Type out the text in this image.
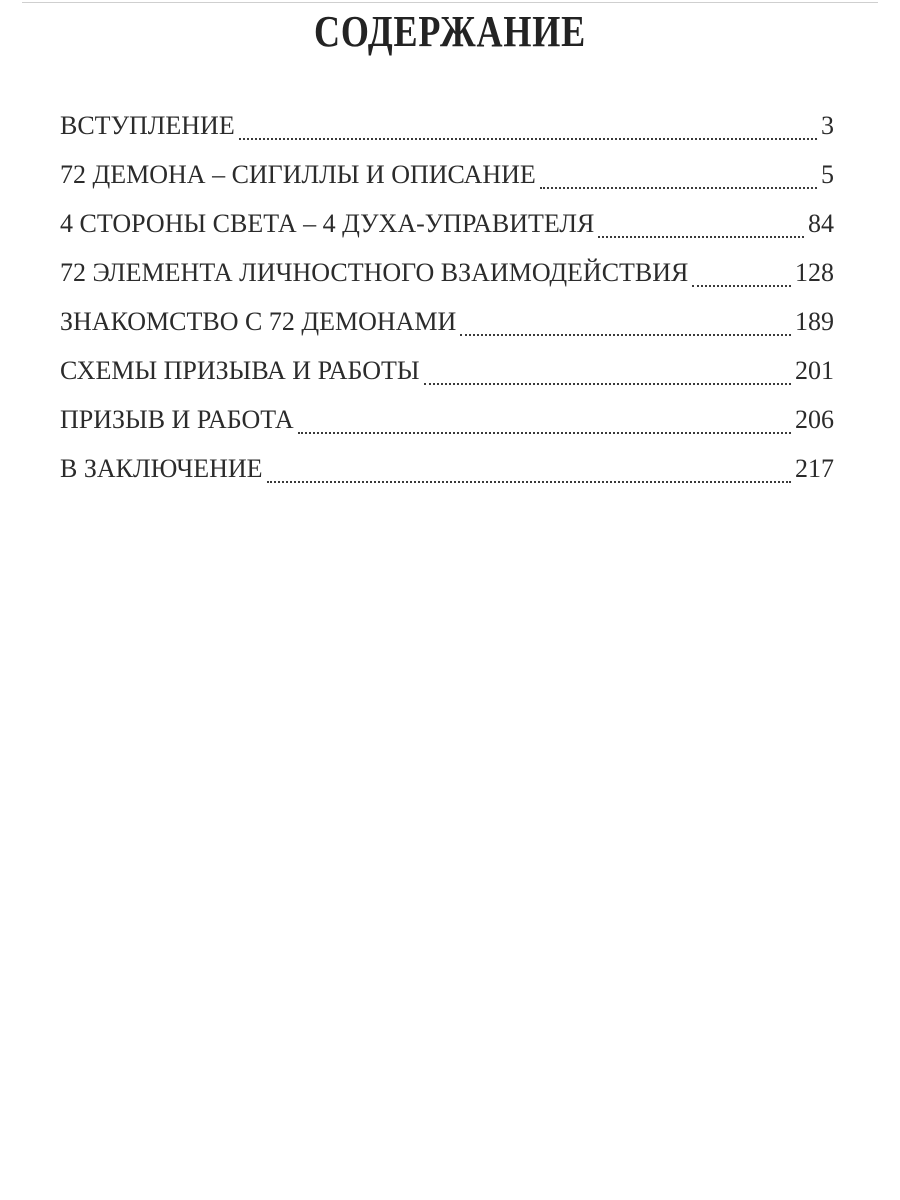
СОДЕРЖАНИЕ
ВСТУПЛЕНИЕ	3
72 ДЕМОНА – СИГИЛЛЫ И ОПИСАНИЕ	5
4 СТОРОНЫ СВЕТА – 4 ДУХА-УПРАВИТЕЛЯ	84
72 ЭЛЕМЕНТА ЛИЧНОСТНОГО ВЗАИМОДЕЙСТВИЯ	128
ЗНАКОМСТВО С 72 ДЕМОНАМИ	189
СХЕМЫ ПРИЗЫВА И РАБОТЫ	201
ПРИЗЫВ И РАБОТА	206
В ЗАКЛЮЧЕНИЕ	217
